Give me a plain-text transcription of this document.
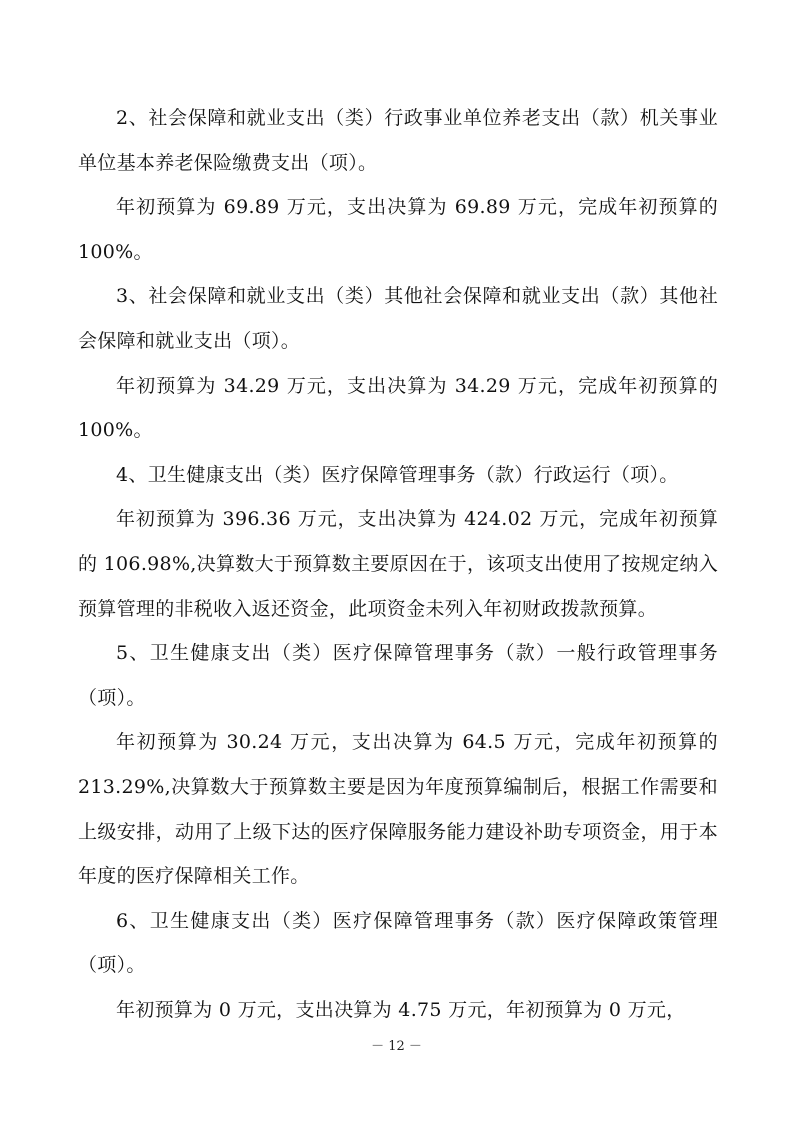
2、社会保障和就业支出（类）行政事业单位养老支出（款）机关事业单位基本养老保险缴费支出（项）。

年初预算为 69.89 万元，支出决算为 69.89 万元，完成年初预算的 100%。

3、社会保障和就业支出（类）其他社会保障和就业支出（款）其他社会保障和就业支出（项）。

年初预算为 34.29 万元，支出决算为 34.29 万元，完成年初预算的 100%。

4、卫生健康支出（类）医疗保障管理事务（款）行政运行（项）。

年初预算为 396.36 万元，支出决算为 424.02 万元，完成年初预算的 106.98%,决算数大于预算数主要原因在于，该项支出使用了按规定纳入预算管理的非税收入返还资金，此项资金未列入年初财政拨款预算。

5、卫生健康支出（类）医疗保障管理事务（款）一般行政管理事务（项）。

年初预算为 30.24 万元，支出决算为 64.5 万元，完成年初预算的 213.29%,决算数大于预算数主要是因为年度预算编制后，根据工作需要和上级安排，动用了上级下达的医疗保障服务能力建设补助专项资金，用于本年度的医疗保障相关工作。

6、卫生健康支出（类）医疗保障管理事务（款）医疗保障政策管理（项）。

年初预算为 0 万元，支出决算为 4.75 万元，年初预算为 0 万元，

－ 12 －
